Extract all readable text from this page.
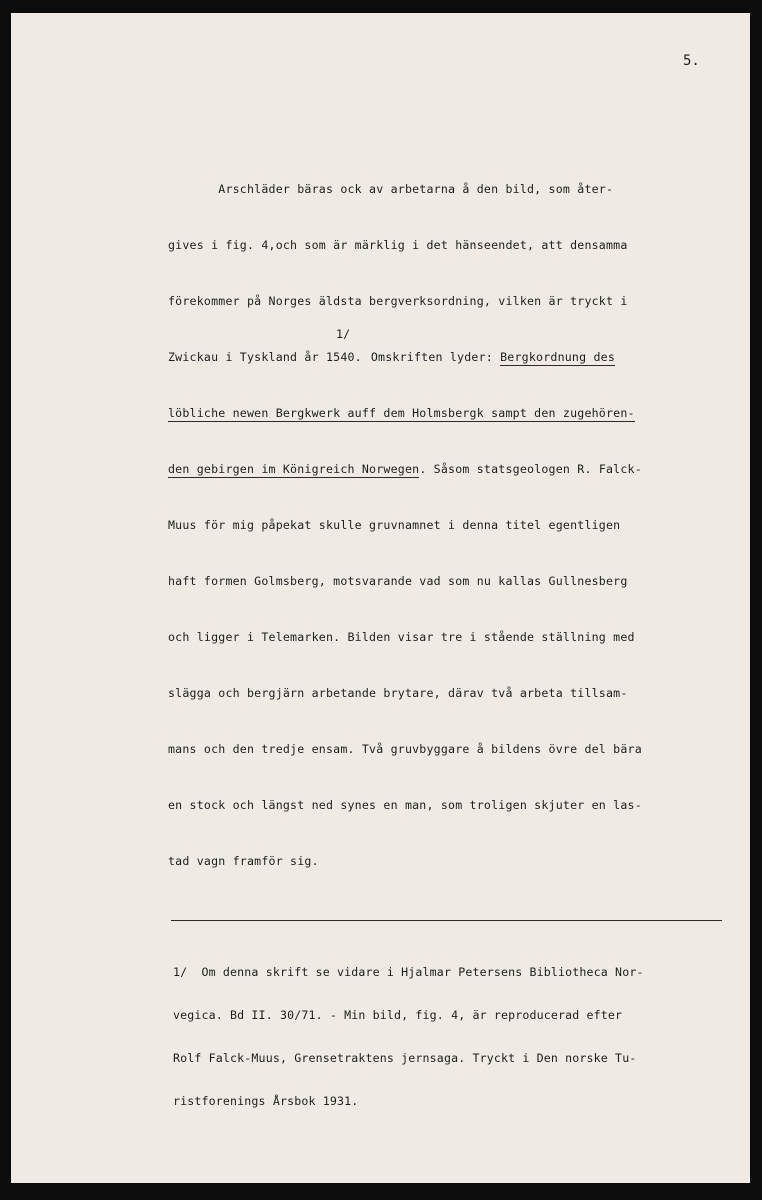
5.

Arschläder bäras ock av arbetarna å den bild, som åter-

gives i fig. 4,och som är märklig i det hänseendet, att densamma

förekommer på Norges äldsta bergverksordning, vilken är tryckt i

Zwickau i Tyskland år 1540.
1/
Omskriften lyder: Bergkordnung des

löbliche newen Bergkwerk auff dem Holmsbergk sampt den zugehören-

den gebirgen im Königreich Norwegen. Såsom statsgeologen R. Falck-

Muus för mig påpekat skulle gruvnamnet i denna titel egentligen

haft formen Golmsberg, motsvarande vad som nu kallas Gullnesberg

och ligger i Telemarken. Bilden visar tre i stående ställning med

slägga och bergjärn arbetande brytare, därav två arbeta tillsam-

mans och den tredje ensam. Två gruvbyggare å bildens övre del bära

en stock och längst ned synes en man, som troligen skjuter en las-

tad vagn framför sig.

1/  Om denna skrift se vidare i Hjalmar Petersens Bibliotheca Nor-

vegica. Bd II. 30/71. - Min bild, fig. 4, är reproducerad efter

Rolf Falck-Muus, Grensetraktens jernsaga. Tryckt i Den norske Tu-

ristforenings Årsbok 1931.
